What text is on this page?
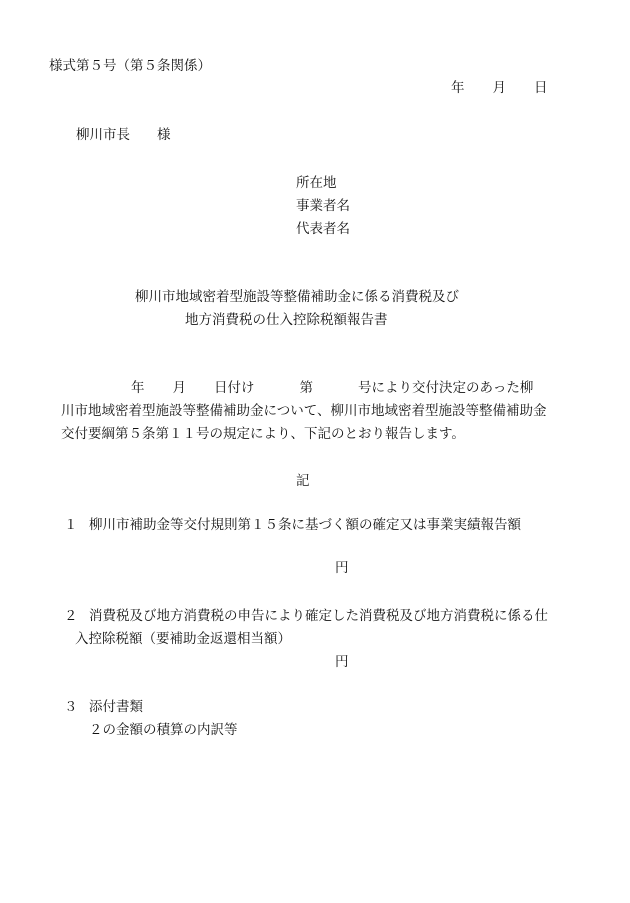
様式第５号（第５条関係）
年 月 日
柳川市長 様
所在地
事業者名
代表者名
柳川市地域密着型施設等整備補助金に係る消費税及び
地方消費税の仕入控除税額報告書
年 月 日付け	第	号により交付決定のあった柳
川市地域密着型施設等整備補助金について、柳川市地域密着型施設等整備補助金
交付要綱第５条第１１号の規定により、下記のとおり報告します。
記
１ 柳川市補助金等交付規則第１５条に基づく額の確定又は事業実績報告額
円
２ 消費税及び地方消費税の申告により確定した消費税及び地方消費税に係る仕
入控除税額（要補助金返還相当額）
円
３ 添付書類
２の金額の積算の内訳等
